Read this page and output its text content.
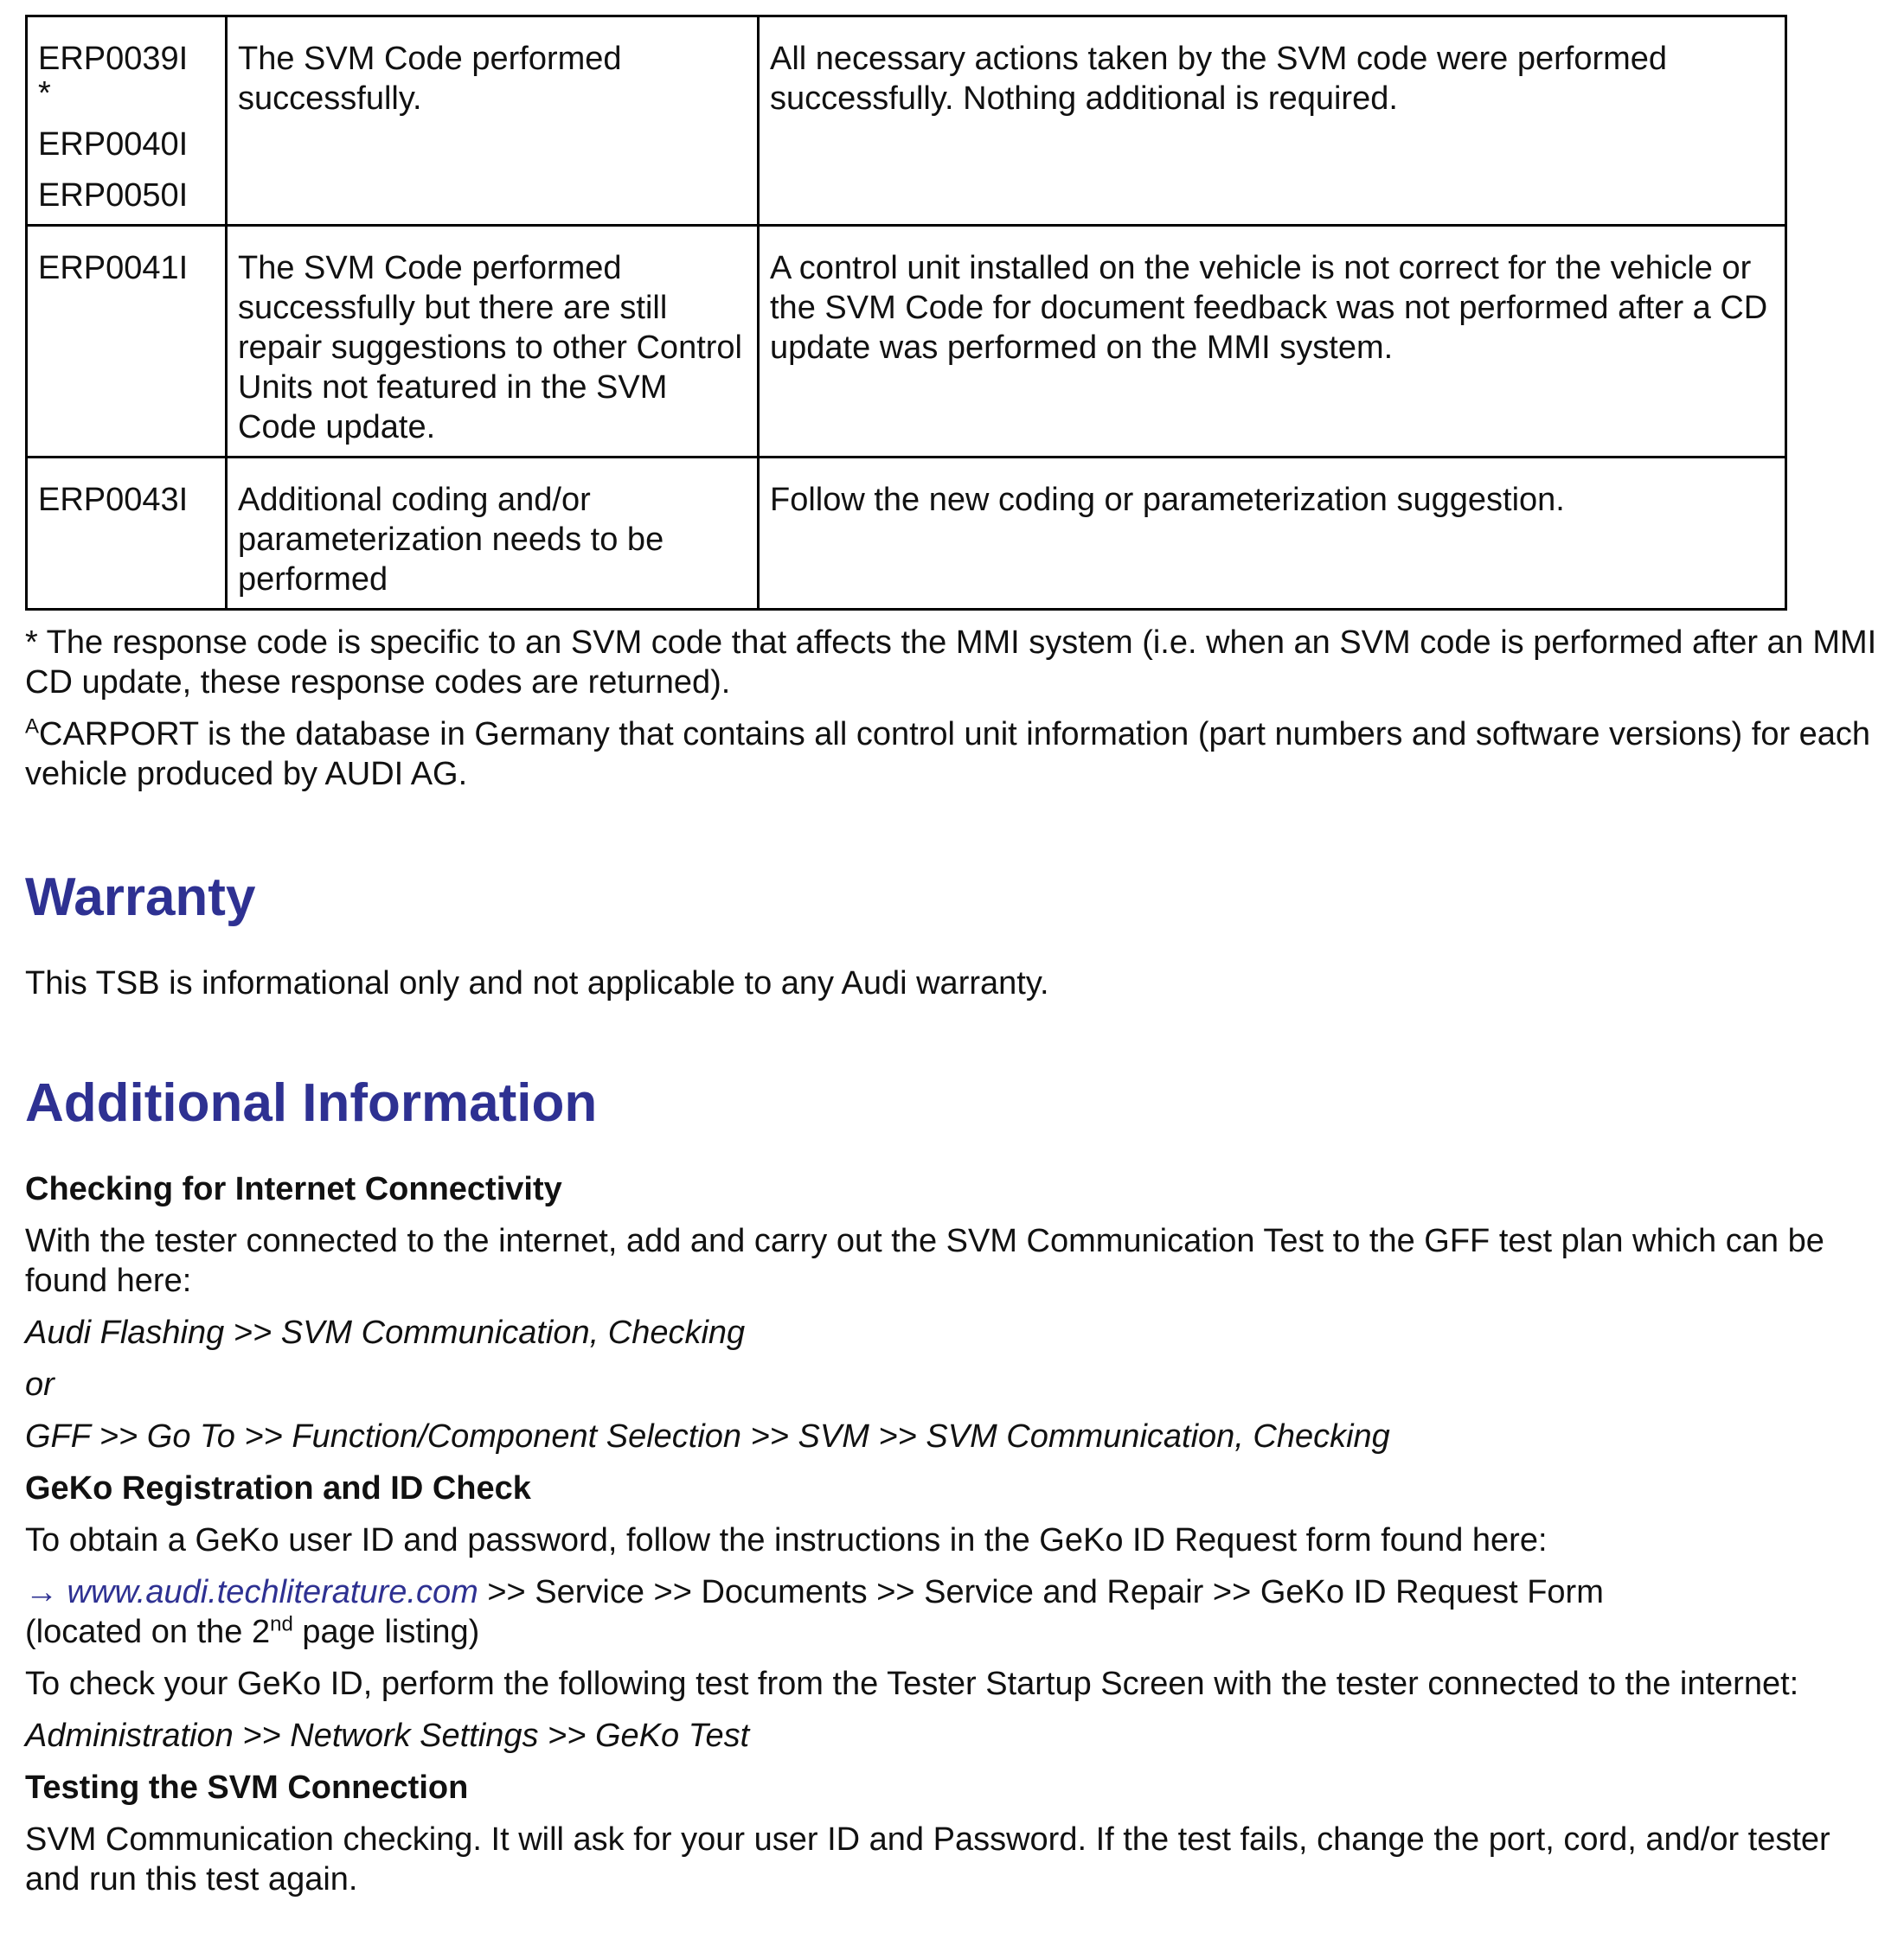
ERP0039I
*
ERP0040I
ERP0050I	The SVM Code performed successfully.	All necessary actions taken by the SVM code were performed successfully. Nothing additional is required.

ERP0041I	The SVM Code performed successfully but there are still repair suggestions to other Control Units not featured in the SVM Code update.	A control unit installed on the vehicle is not correct for the vehicle or the SVM Code for document feedback was not performed after a CD update was performed on the MMI system.

ERP0043I	Additional coding and/or parameterization needs to be performed	Follow the new coding or parameterization suggestion.

* The response code is specific to an SVM code that affects the MMI system (i.e. when an SVM code is performed after an MMI CD update, these response codes are returned).

$^A$CARPORT is the database in Germany that contains all control unit information (part numbers and software versions) for each vehicle produced by AUDI AG.

Warranty

This TSB is informational only and not applicable to any Audi warranty.

Additional Information

Checking for Internet Connectivity

With the tester connected to the internet, add and carry out the SVM Communication Test to the GFF test plan which can be found here:

Audi Flashing >> SVM Communication, Checking

or

GFF >> Go To >> Function/Component Selection >> SVM >> SVM Communication, Checking

GeKo Registration and ID Check

To obtain a GeKo user ID and password, follow the instructions in the GeKo ID Request form found here:

→ www.audi.techliterature.com >> Service >> Documents >> Service and Repair >> GeKo ID Request Form
(located on the 2nd page listing)

To check your GeKo ID, perform the following test from the Tester Startup Screen with the tester connected to the internet:

Administration >> Network Settings >> GeKo Test

Testing the SVM Connection

SVM Communication checking. It will ask for your user ID and Password. If the test fails, change the port, cord, and/or tester and run this test again.
